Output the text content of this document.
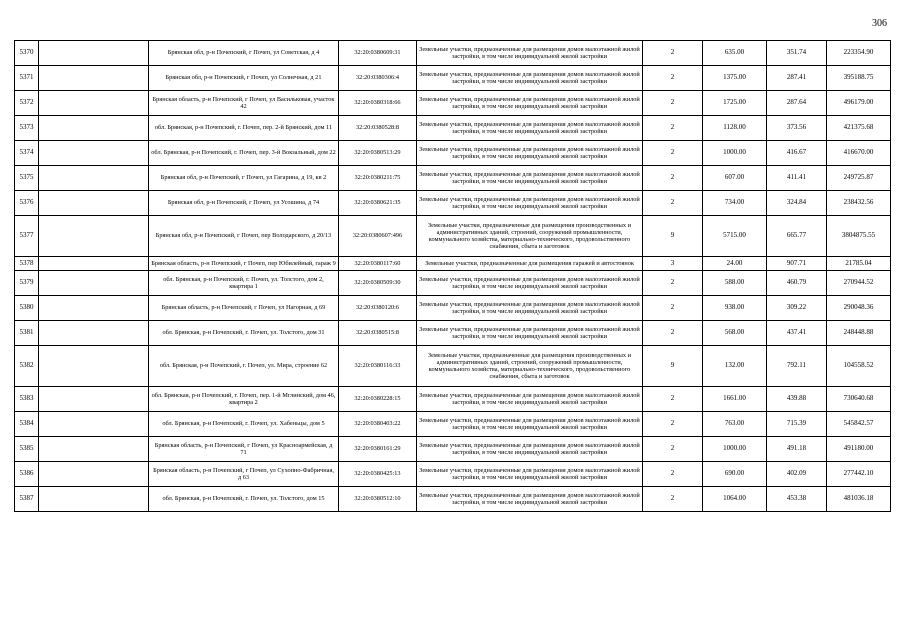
306
5370		Брянская обл, р-н Почепский, г Почеп, ул Советская, д 4	32:20:0380609:31	Земельные участки, предназначенные для размещения домов малоэтажной жилой застройки, в том числе индивидуальной жилой застройки	2	635.00	351.74	223354.90
5371		Брянская обл, р-н Почепский, г Почеп, ул Солнечная, д 21	32:20:0380306:4	Земельные участки, предназначенные для размещения домов малоэтажной жилой застройки, в том числе индивидуальной жилой застройки	2	1375.00	287.41	395188.75
5372		Брянская область, р-н Почепский, г Почеп, ул Васильковая, участок 42	32:20:0380318:66	Земельные участки, предназначенные для размещения домов малоэтажной жилой застройки, в том числе индивидуальной жилой застройки	2	1725.00	287.64	496179.00
5373		обл. Брянская, р-н Почепский, г. Почеп, пер. 2-й Брянский, дом 11	32:20:0380528:8	Земельные участки, предназначенные для размещения домов малоэтажной жилой застройки, в том числе индивидуальной жилой застройки	2	1128.00	373.56	421375.68
5374		обл. Брянская, р-н Почепский, г. Почеп, пер. 3-й Вокзальный, дом 22	32:20:0380513:29	Земельные участки, предназначенные для размещения домов малоэтажной жилой застройки, в том числе индивидуальной жилой застройки	2	1000.00	416.67	416670.00
5375		Брянская обл, р-н Почепский, г Почеп, ул Гагарина, д 19, кв 2	32:20:0380211:75	Земельные участки, предназначенные для размещения домов малоэтажной жилой застройки, в том числе индивидуальной жилой застройки	2	607.00	411.41	249725.87
5376		Брянская обл, р-н Почепский, г Почеп, ул Усошина, д 74	32:20:0380621:35	Земельные участки, предназначенные для размещения домов малоэтажной жилой застройки, в том числе индивидуальной жилой застройки	2	734.00	324.84	238432.56
5377		Брянская обл, р-н Почепский, г Почеп, пер Володарского, д 20/13	32:20:0380607:496	Земельные участки, предназначенные для размещения производственных и административных зданий, строений, сооружений промышленности, коммунального хозяйства, материально-технического, продовольственного снабжения, сбыта и заготовок	9	5715.00	665.77	3804875.55
5378		Брянская область, р-н Почепский, г Почеп, пер Юбилейный, гараж 9	32:20:0380117:60	Земельные участки, предназначенные для размещения гаражей и автостоянок	3	24.00	907.71	21785.04
5379		обл. Брянская, р-н Почепский, г. Почеп, ул. Толстого, дом 2, квартира 1	32:20:0380509:30	Земельные участки, предназначенные для размещения домов малоэтажной жилой застройки, в том числе индивидуальной жилой застройки	2	588.00	460.79	270944.52
5380		Брянская область, р-н Почепский, г Почеп, ул Нагорная, д 69	32:20:0380120:6	Земельные участки, предназначенные для размещения домов малоэтажной жилой застройки, в том числе индивидуальной жилой застройки	2	938.00	309.22	290048.36
5381		обл. Брянская, р-н Почепский, г. Почеп, ул. Толстого, дом 31	32:20:0380515:8	Земельные участки, предназначенные для размещения домов малоэтажной жилой застройки, в том числе индивидуальной жилой застройки	2	568.00	437.41	248448.88
5382		обл. Брянская, р-н Почепский, г. Почеп, ул. Мира, строение 62	32:20:0380116:33	Земельные участки, предназначенные для размещения производственных и административных зданий, строений, сооружений промышленности, коммунального хозяйства, материально-технического, продовольственного снабжения, сбыта и заготовок	9	132.00	792.11	104558.52
5383		обл. Брянская, р-н Почепский, г. Почеп, пер. 1-й Мглинский, дом 46, квартира 2	32:20:0380228:15	Земельные участки, предназначенные для размещения домов малоэтажной жилой застройки, в том числе индивидуальной жилой застройки	2	1661.00	439.88	730640.68
5384		обл. Брянская, р-н Почепский, г. Почеп, ул. Хабеньцы, дом 5	32:20:0380403:22	Земельные участки, предназначенные для размещения домов малоэтажной жилой застройки, в том числе индивидуальной жилой застройки	2	763.00	715.39	545842.57
5385		Брянская область, р-н Почепский, г Почеп, ул Красноармейская, д 71	32:20:0380161:29	Земельные участки, предназначенные для размещения домов малоэтажной жилой застройки, в том числе индивидуальной жилой застройки	2	1000.00	491.18	491180.00
5386		Брянская область, р-н Почепский, г Почеп, ул Сухопно-Фабричная, д 63	32:20:0380425:13	Земельные участки, предназначенные для размещения домов малоэтажной жилой застройки, в том числе индивидуальной жилой застройки	2	690.00	402.09	277442.10
5387		обл. Брянская, р-н Почепский, г. Почеп, ул. Толстого, дом 15	32:20:0380512:10	Земельные участки, предназначенные для размещения домов малоэтажной жилой застройки, в том числе индивидуальной жилой застройки	2	1064.00	453.38	481036.18
